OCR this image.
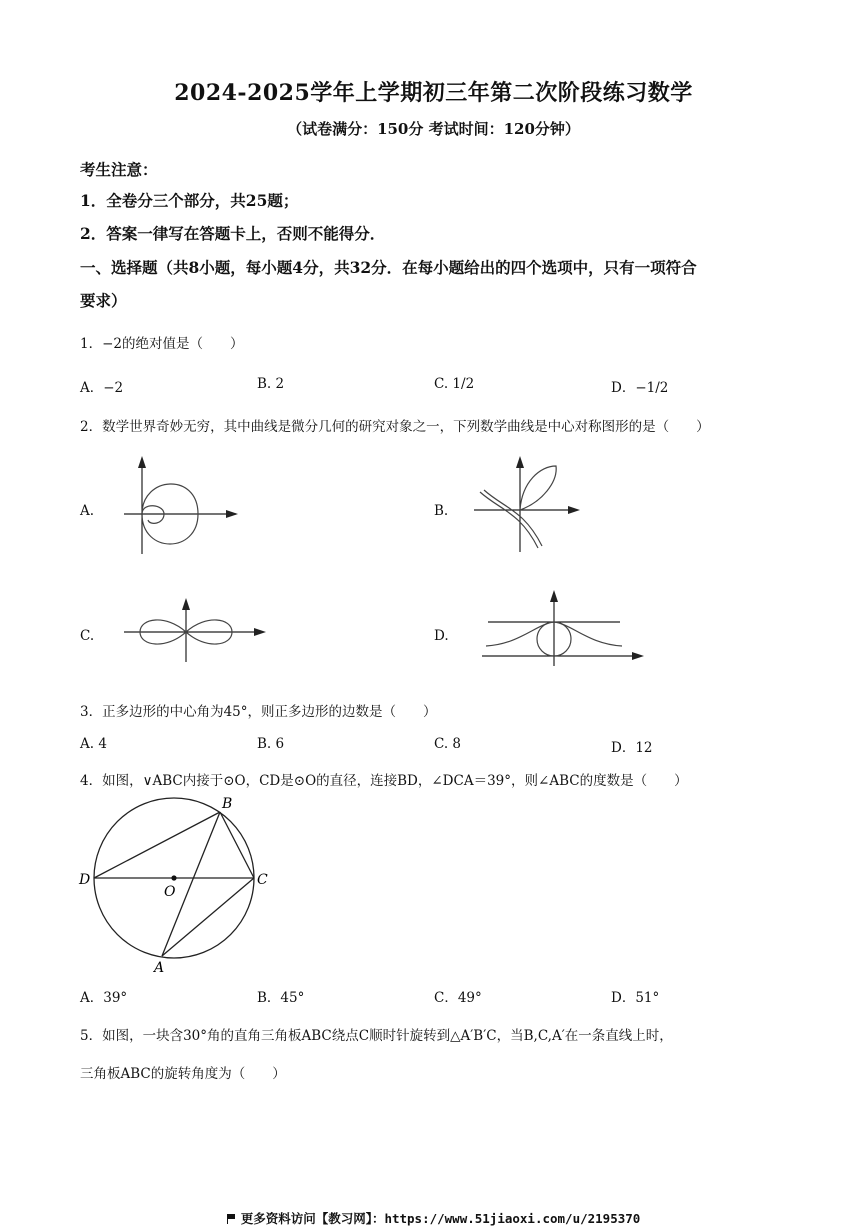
2024-2025学年上学期初三年第二次阶段练习数学
（试卷满分：150分 考试时间：120分钟）
考生注意：
1．全卷分三个部分，共25题；
2．答案一律写在答题卡上，否则不能得分．
一、选择题（共8小题，每小题4分，共32分．在每小题给出的四个选项中，只有一项符合
要求）
1．−2的绝对值是（　　）
A．−2	B. 2	C. 1/2	D．−1/2
2．数学世界奇妙无穷，其中曲线是微分几何的研究对象之一，下列数学曲线是中心对称图形的是（　　）
A.	B.
C.	D.
3．正多边形的中心角为45°，则正多边形的边数是（　　）
A. 4	B. 6	C. 8	D．12
4．如图，∨ABC内接于⊙O，CD是⊙O的直径，连接BD，∠DCA＝39°，则∠ABC的度数是（　　）
B
D
O
C
A
A．39°	B．45°	C．49°	D．51°
5．如图，一块含30°角的直角三角板ABC绕点C顺时针旋转到△A′B′C，当B,C,A′在一条直线上时，
三角板ABC的旋转角度为（　　）
更多资料访问【教习网】：https://www.51jiaoxi.com/u/2195370
